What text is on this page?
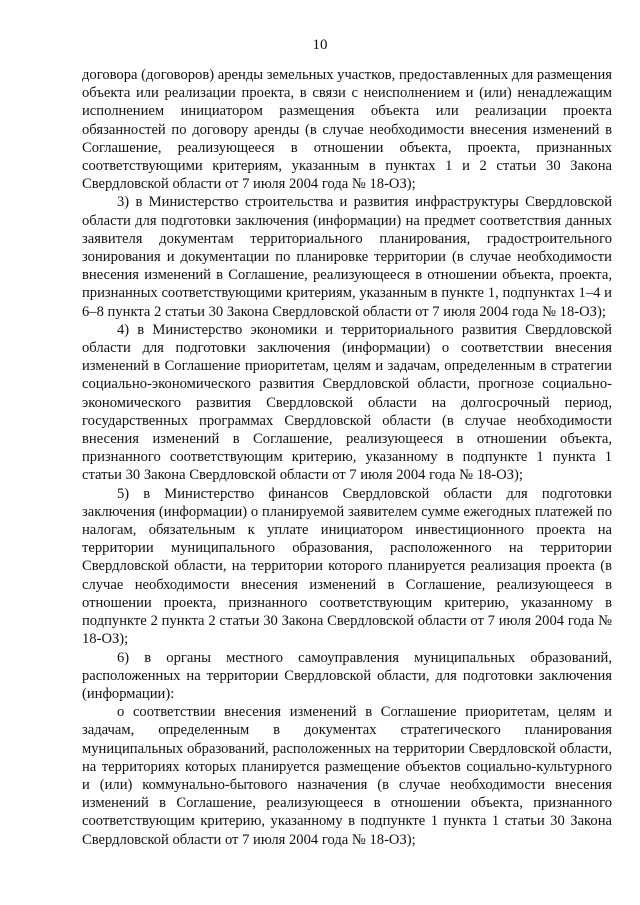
10

договора (договоров) аренды земельных участков, предоставленных для размещения объекта или реализации проекта, в связи с неисполнением и (или) ненадлежащим исполнением инициатором размещения объекта или реализации проекта обязанностей по договору аренды (в случае необходимости внесения изменений в Соглашение, реализующееся в отношении объекта, проекта, признанных соответствующими критериям, указанным в пунктах 1 и 2 статьи 30 Закона Свердловской области от 7 июля 2004 года № 18-ОЗ);

3) в Министерство строительства и развития инфраструктуры Свердловской области для подготовки заключения (информации) на предмет соответствия данных заявителя документам территориального планирования, градостроительного зонирования и документации по планировке территории (в случае необходимости внесения изменений в Соглашение, реализующееся в отношении объекта, проекта, признанных соответствующими критериям, указанным в пункте 1, подпунктах 1–4 и 6–8 пункта 2 статьи 30 Закона Свердловской области от 7 июля 2004 года № 18-ОЗ);

4) в Министерство экономики и территориального развития Свердловской области для подготовки заключения (информации) о соответствии внесения изменений в Соглашение приоритетам, целям и задачам, определенным в стратегии социально-экономического развития Свердловской области, прогнозе социально-экономического развития Свердловской области на долгосрочный период, государственных программах Свердловской области (в случае необходимости внесения изменений в Соглашение, реализующееся в отношении объекта, признанного соответствующим критерию, указанному в подпункте 1 пункта 1 статьи 30 Закона Свердловской области от 7 июля 2004 года № 18-ОЗ);

5) в Министерство финансов Свердловской области для подготовки заключения (информации) о планируемой заявителем сумме ежегодных платежей по налогам, обязательным к уплате инициатором инвестиционного проекта на территории муниципального образования, расположенного на территории Свердловской области, на территории которого планируется реализация проекта (в случае необходимости внесения изменений в Соглашение, реализующееся в отношении проекта, признанного соответствующим критерию, указанному в подпункте 2 пункта 2 статьи 30 Закона Свердловской области от 7 июля 2004 года № 18-ОЗ);

6) в органы местного самоуправления муниципальных образований, расположенных на территории Свердловской области, для подготовки заключения (информации):

о соответствии внесения изменений в Соглашение приоритетам, целям и задачам, определенным в документах стратегического планирования муниципальных образований, расположенных на территории Свердловской области, на территориях которых планируется размещение объектов социально-культурного и (или) коммунально-бытового назначения (в случае необходимости внесения изменений в Соглашение, реализующееся в отношении объекта, признанного соответствующим критерию, указанному в подпункте 1 пункта 1 статьи 30 Закона Свердловской области от 7 июля 2004 года № 18-ОЗ);
